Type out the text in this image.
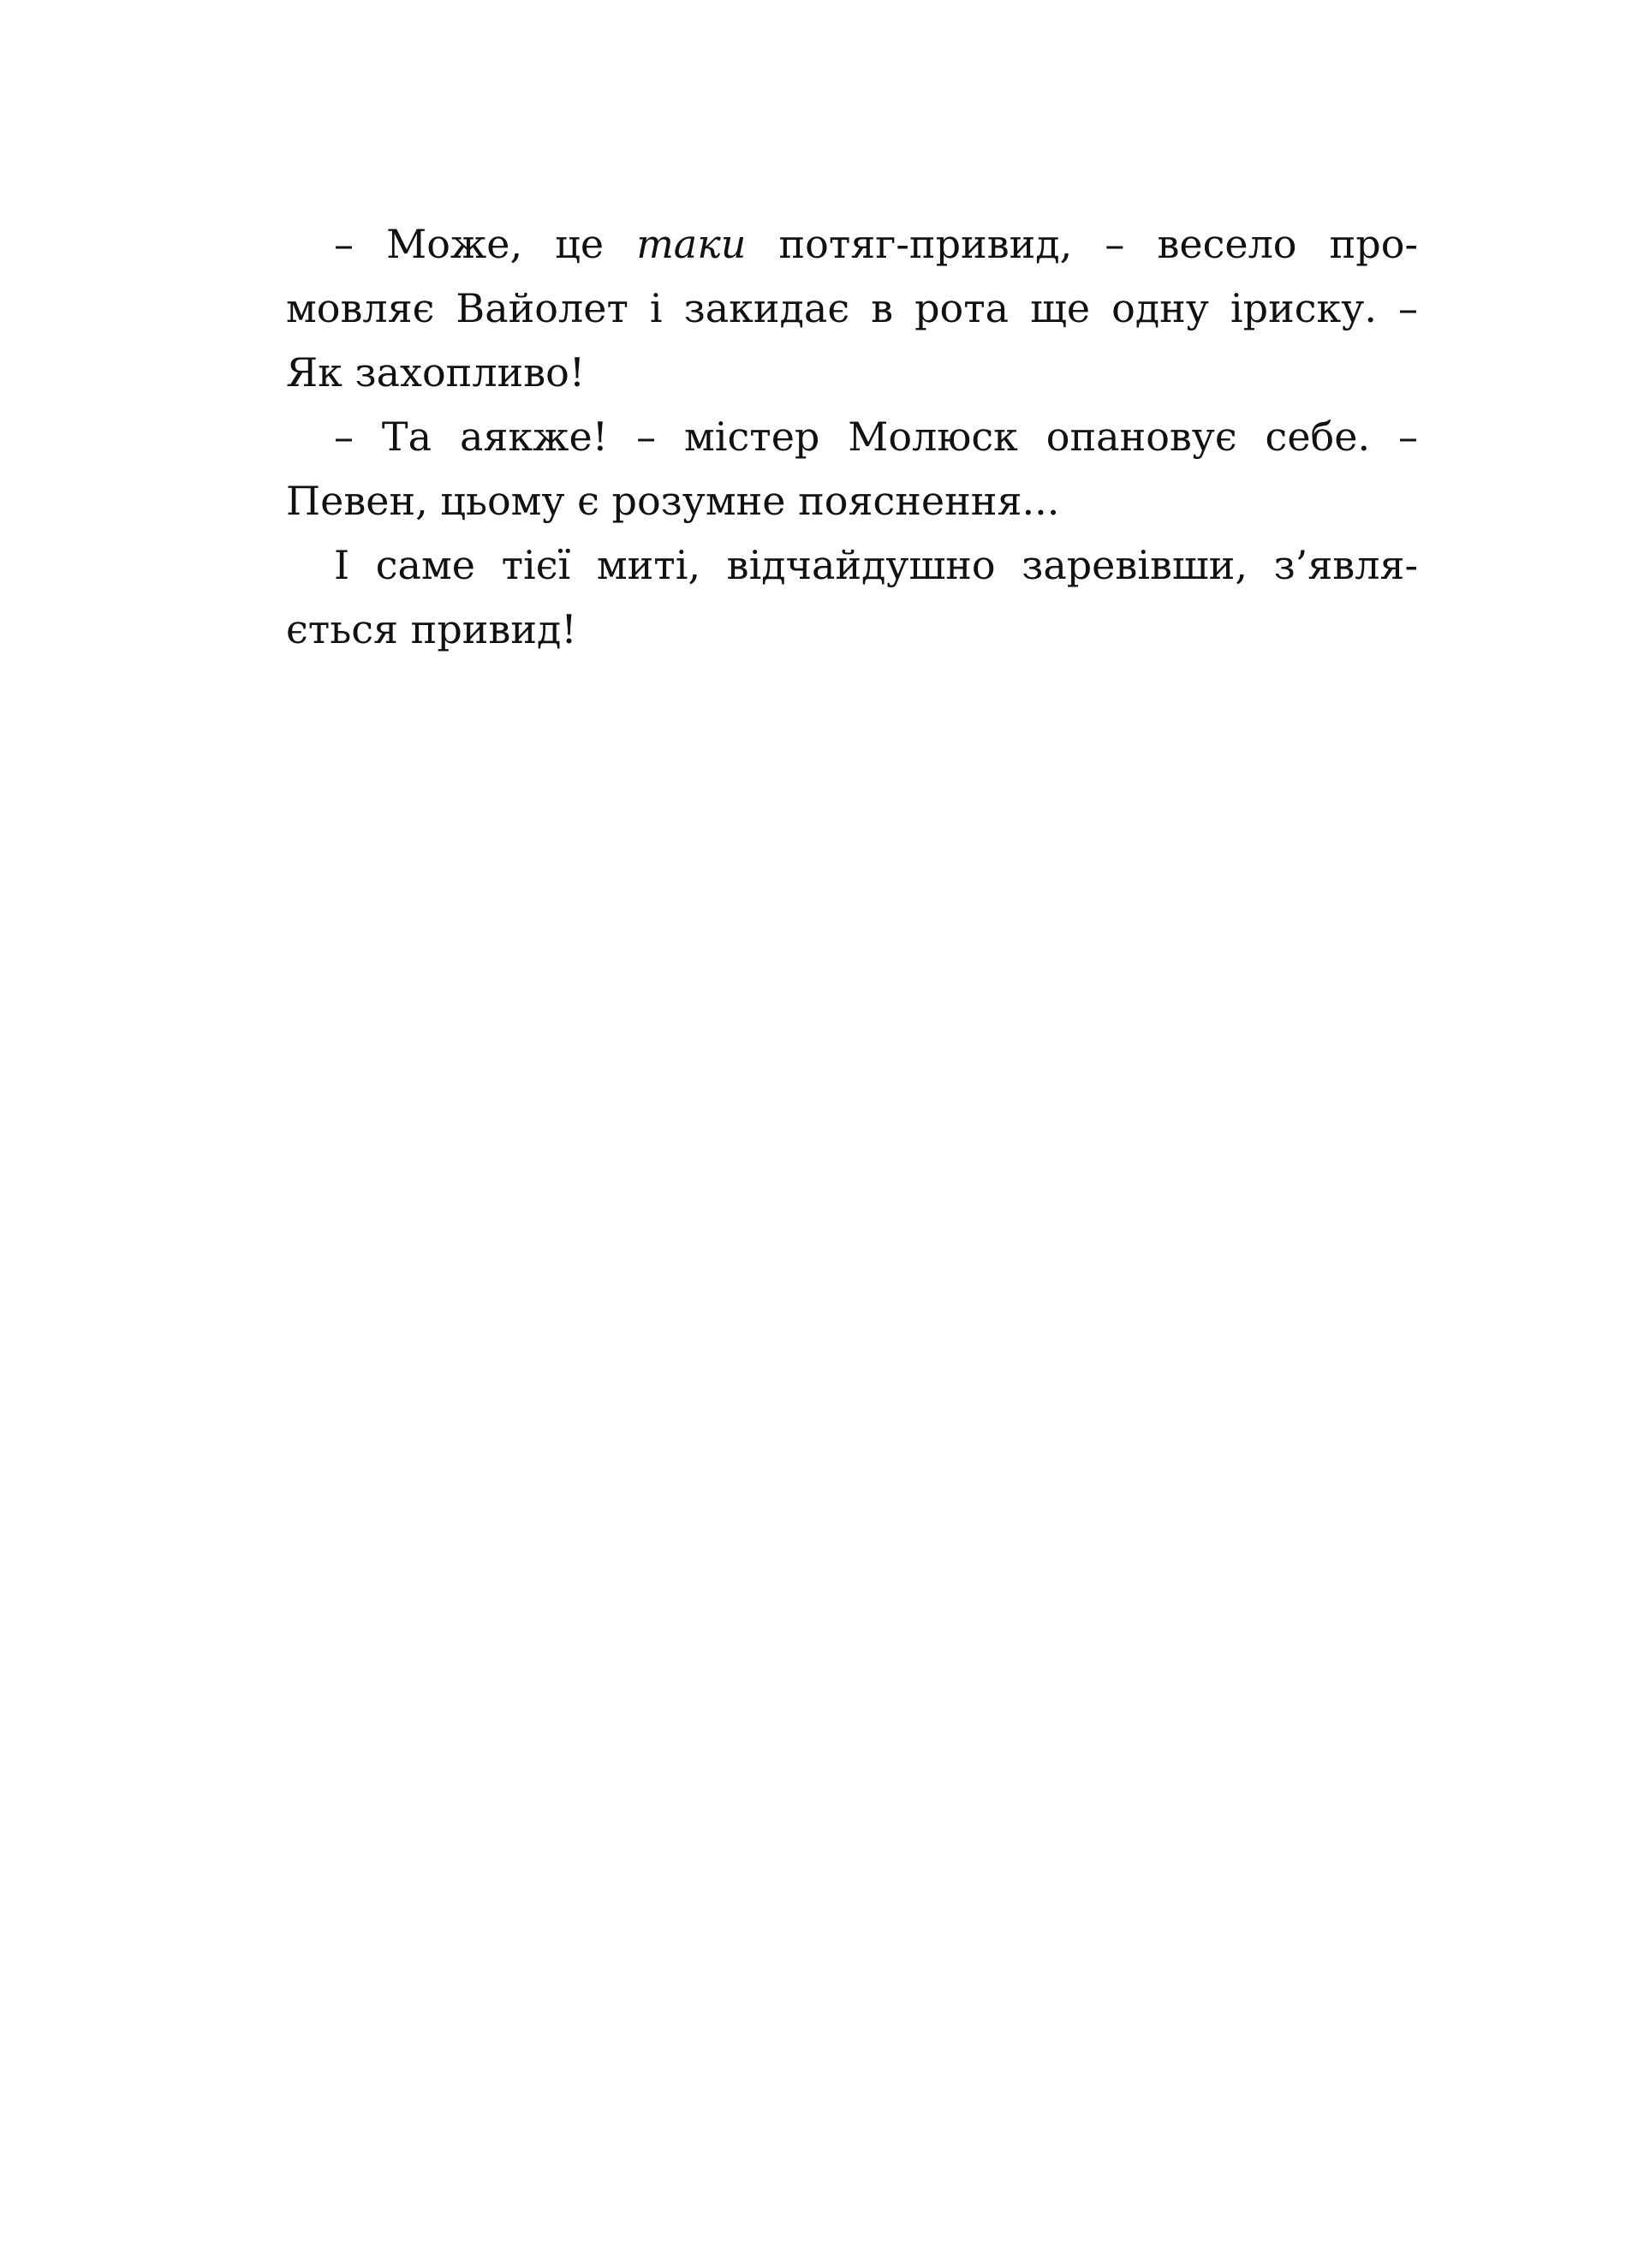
– Може, це таки потяг-привид, – весело про-
мовляє Вайолет і закидає в рота ще одну іриску. –
Як захопливо!
– Та аякже! – містер Молюск опановує себе. –
Певен, цьому є розумне пояснення...
І саме тієї миті, відчайдушно заревівши, з’явля-
ється привид!
